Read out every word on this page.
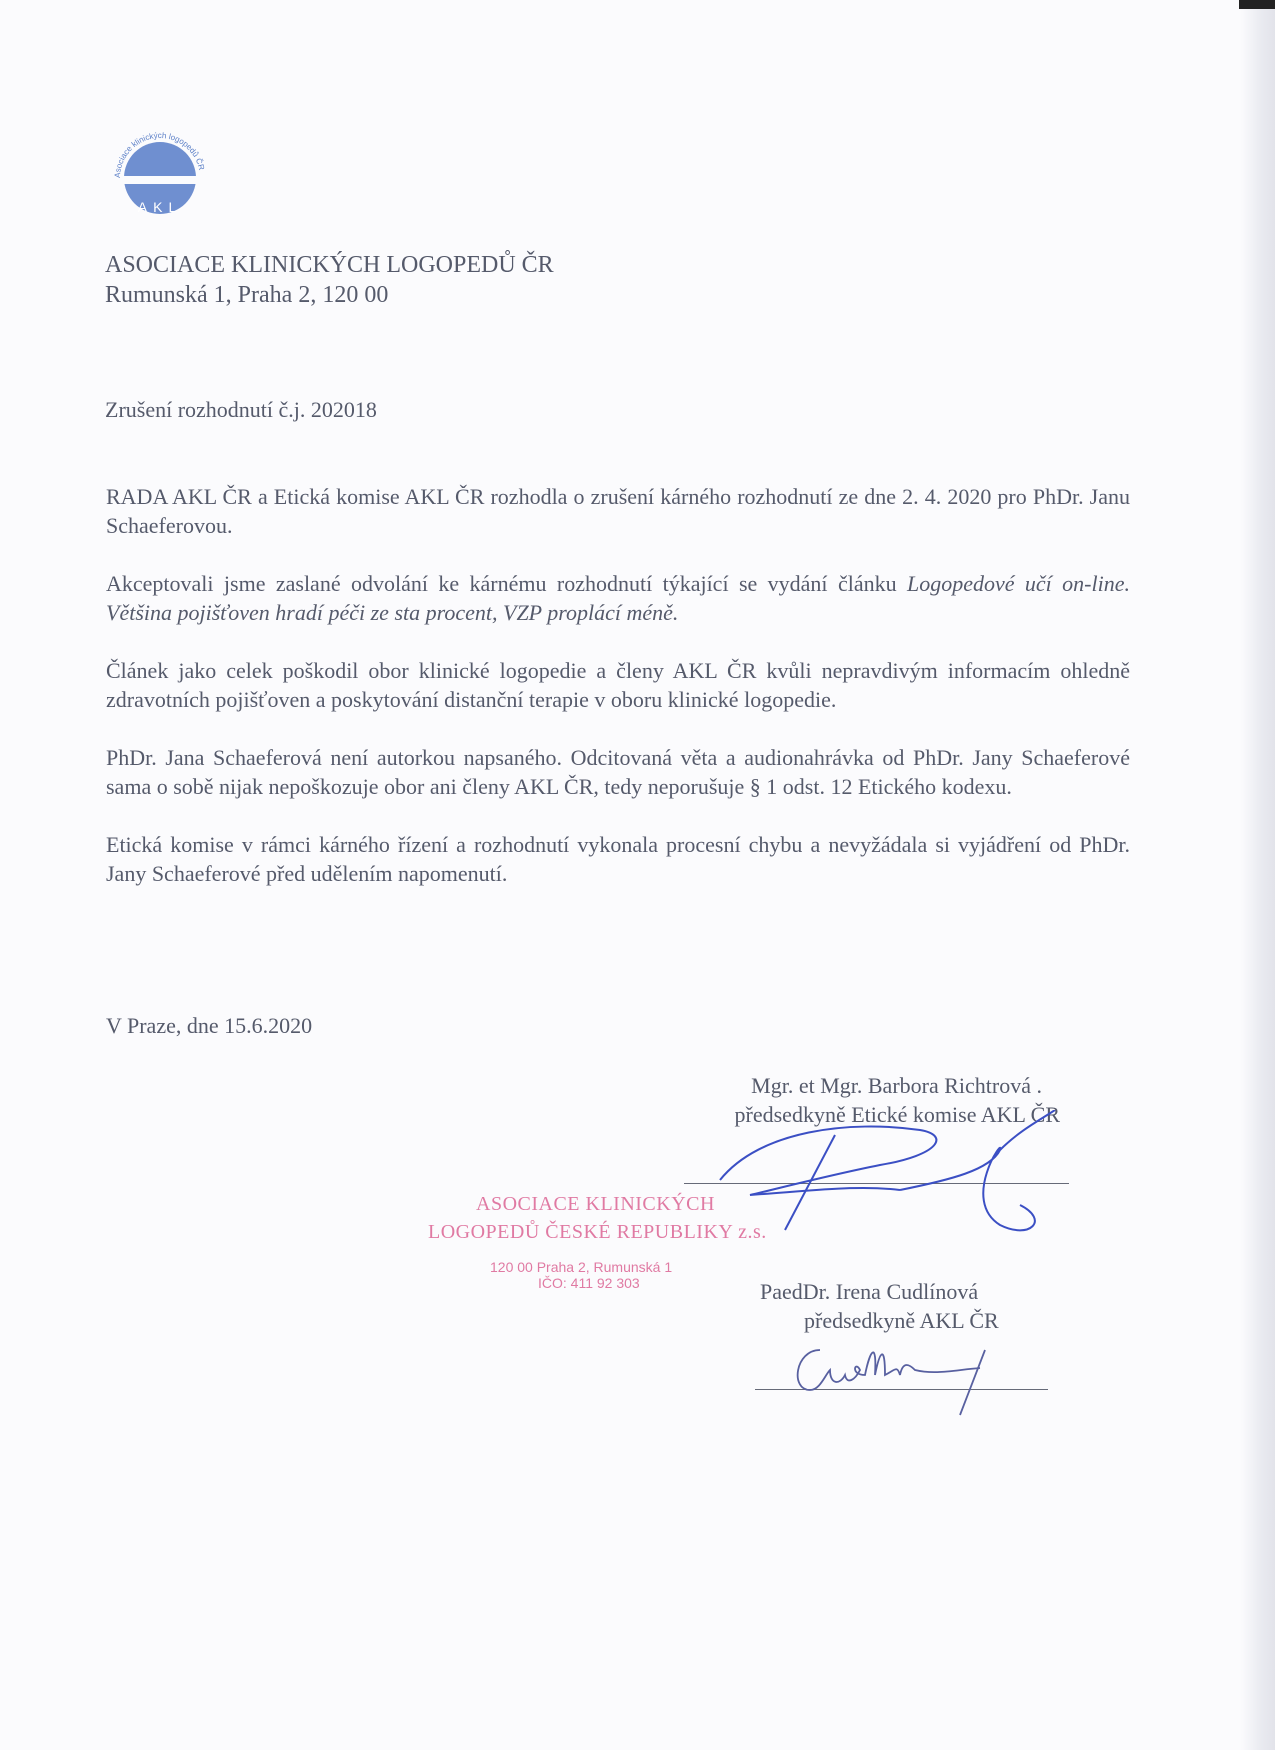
Asociace klinických logopedů ČR
AKL
ASOCIACE KLINICKÝCH LOGOPEDŮ ČR
Rumunská 1, Praha 2, 120 00
Zrušení rozhodnutí č.j. 202018

RADA AKL ČR a Etická komise AKL ČR rozhodla o zrušení kárného rozhodnutí ze dne 2. 4. 2020 pro PhDr. Janu Schaeferovou.

Akceptovali jsme zaslané odvolání ke kárnému rozhodnutí týkající se vydání článku Logopedové učí on-line. Většina pojišťoven hradí péči ze sta procent, VZP proplácí méně.

Článek jako celek poškodil obor klinické logopedie a členy AKL ČR kvůli nepravdivým informacím ohledně zdravotních pojišťoven a poskytování distanční terapie v oboru klinické logopedie.

PhDr. Jana Schaeferová není autorkou napsaného. Odcitovaná věta a audionahrávka od PhDr. Jany Schaeferové sama o sobě nijak nepoškozuje obor ani členy AKL ČR, tedy neporušuje § 1 odst. 12 Etického kodexu.

Etická komise v rámci kárného řízení a rozhodnutí vykonala procesní chybu a nevyžádala si vyjádření od PhDr. Jany Schaeferové před udělením napomenutí.

V Praze, dne 15.6.2020
Mgr. et Mgr. Barbora Richtrová .
předsedkyně Etické komise AKL ČR
ASOCIACE KLINICKÝCH
LOGOPEDŮ ČESKÉ REPUBLIKY z.s.
120 00 Praha 2, Rumunská 1
IČO: 411 92 303	PaedDr. Irena Cudlínová
předsedkyně AKL ČR
